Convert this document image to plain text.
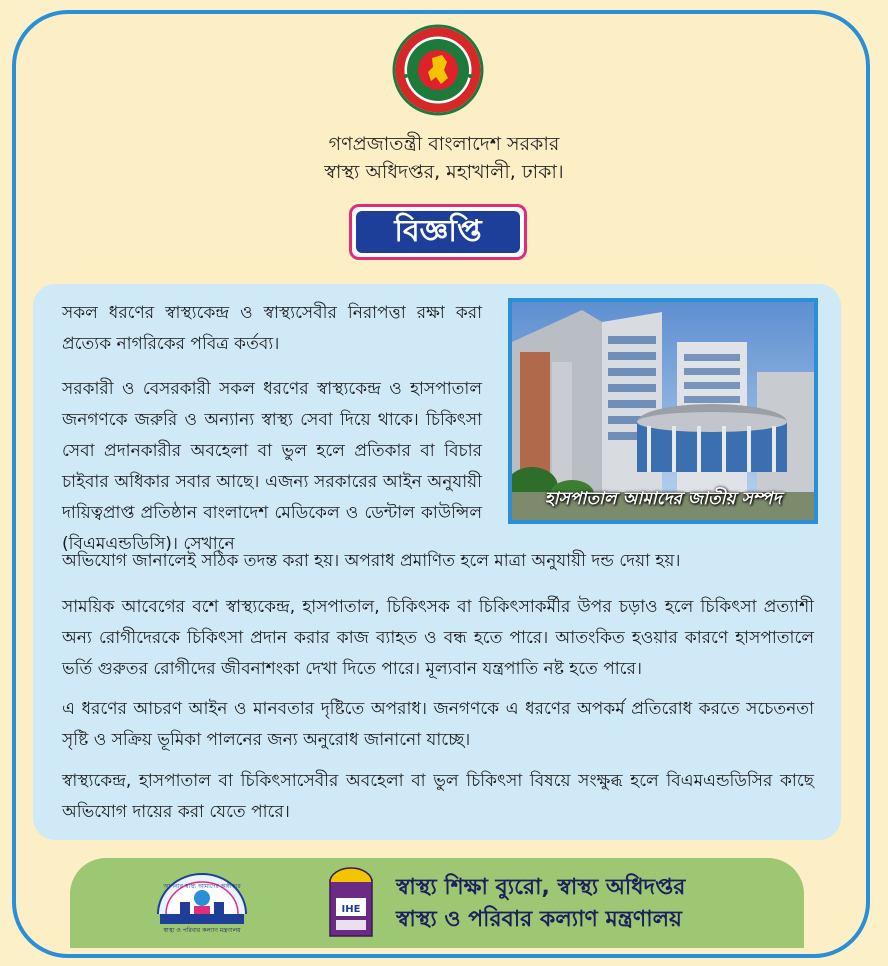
গণপ্রজাতন্ত্রী বাংলাদেশ সরকার
স্বাস্থ্য অধিদপ্তর, মহাখালী, ঢাকা।
বিজ্ঞপ্তি

সকল ধরণের স্বাস্থ্যকেন্দ্র ও স্বাস্থ্যসেবীর নিরাপত্তা রক্ষা করা প্রত্যেক নাগরিকের পবিত্র কর্তব্য।

সরকারী ও বেসরকারী সকল ধরণের স্বাস্থ্যকেন্দ্র ও হাসপাতাল জনগণকে জরুরি ও অন্যান্য স্বাস্থ্য সেবা দিয়ে থাকে। চিকিৎসা সেবা প্রদানকারীর অবহেলা বা ভুল হলে প্রতিকার বা বিচার চাইবার অধিকার সবার আছে। এজন্য সরকারের আইন অনুযায়ী দায়িত্বপ্রাপ্ত প্রতিষ্ঠান বাংলাদেশ মেডিকেল ও ডেন্টাল কাউন্সিল (বিএমএন্ডডিসি)। সেখানে

অভিযোগ জানালেই সঠিক তদন্ত করা হয়। অপরাধ প্রমাণিত হলে মাত্রা অনুযায়ী দন্ড দেয়া হয়।

হাসপাতাল আমাদের জাতীয় সম্পদ

সাময়িক আবেগের বশে স্বাস্থ্যকেন্দ্র, হাসপাতাল, চিকিৎসক বা চিকিৎসাকর্মীর উপর চড়াও হলে চিকিৎসা প্রত্যাশী অন্য রোগীদেরকে চিকিৎসা প্রদান করার কাজ ব্যাহত ও বন্ধ হতে পারে। আতংকিত হওয়ার কারণে হাসপাতালে ভর্তি গুরুতর রোগীদের জীবনাশংকা দেখা দিতে পারে। মূল্যবান যন্ত্রপাতি নষ্ট হতে পারে।

এ ধরণের আচরণ আইন ও মানবতার দৃষ্টিতে অপরাধ। জনগণকে এ ধরণের অপকর্ম প্রতিরোধ করতে সচেতনতা সৃষ্টি ও সক্রিয় ভূমিকা পালনের জন্য অনুরোধ জানানো যাচ্ছে।

স্বাস্থ্যকেন্দ্র, হাসপাতাল বা চিকিৎসাসেবীর অবহেলা বা ভুল চিকিৎসা বিষয়ে সংক্ষুব্ধ হলে বিএমএন্ডডিসির কাছে অভিযোগ দায়ের করা যেতে পারে।

আপনার স্বাস্থ্য আমাদের অঙ্গীকার
স্বাস্থ্য ও পরিবার কল্যাণ মন্ত্রণালয়
IHE
স্বাস্থ্য শিক্ষা ব্যুরো, স্বাস্থ্য অধিদপ্তর
স্বাস্থ্য ও পরিবার কল্যাণ মন্ত্রণালয়
